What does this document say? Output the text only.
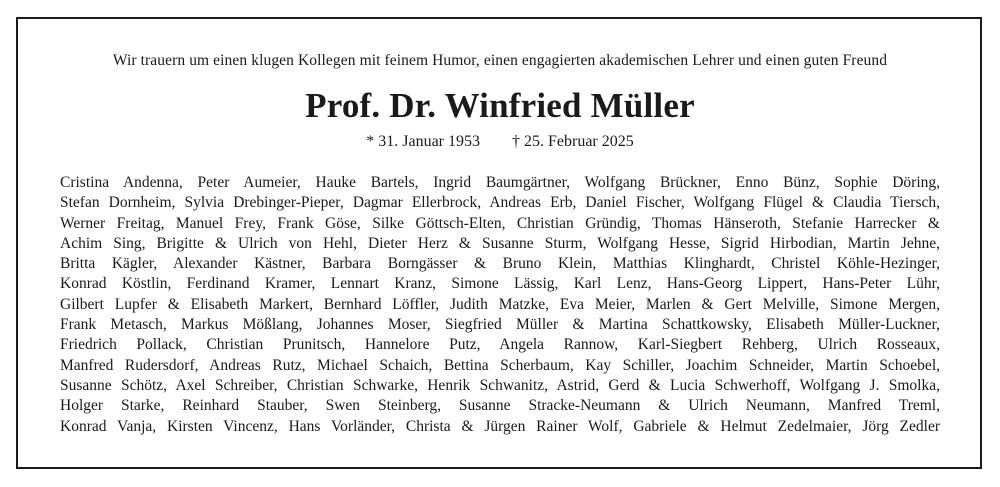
Wir trauern um einen klugen Kollegen mit feinem Humor, einen engagierten akademischen Lehrer und einen guten Freund
Prof. Dr. Winfried Müller
* 31. Januar 1953 † 25. Februar 2025
Cristina Andenna, Peter Aumeier, Hauke Bartels, Ingrid Baumgärtner, Wolfgang Brückner, Enno Bünz, Sophie Döring,
Stefan Dornheim, Sylvia Drebinger-Pieper, Dagmar Ellerbrock, Andreas Erb, Daniel Fischer, Wolfgang Flügel & Claudia Tiersch,
Werner Freitag, Manuel Frey, Frank Göse, Silke Göttsch-Elten, Christian Gründig, Thomas Hänseroth, Stefanie Harrecker &
Achim Sing, Brigitte & Ulrich von Hehl, Dieter Herz & Susanne Sturm, Wolfgang Hesse, Sigrid Hirbodian, Martin Jehne,
Britta Kägler, Alexander Kästner, Barbara Borngässer & Bruno Klein, Matthias Klinghardt, Christel Köhle-Hezinger,
Konrad Köstlin, Ferdinand Kramer, Lennart Kranz, Simone Lässig, Karl Lenz, Hans-Georg Lippert, Hans-Peter Lühr,
Gilbert Lupfer & Elisabeth Markert, Bernhard Löffler, Judith Matzke, Eva Meier, Marlen & Gert Melville, Simone Mergen,
Frank Metasch, Markus Mößlang, Johannes Moser, Siegfried Müller & Martina Schattkowsky, Elisabeth Müller-Luckner,
Friedrich Pollack, Christian Prunitsch, Hannelore Putz, Angela Rannow, Karl-Siegbert Rehberg, Ulrich Rosseaux,
Manfred Rudersdorf, Andreas Rutz, Michael Schaich, Bettina Scherbaum, Kay Schiller, Joachim Schneider, Martin Schoebel,
Susanne Schötz, Axel Schreiber, Christian Schwarke, Henrik Schwanitz, Astrid, Gerd & Lucia Schwerhoff, Wolfgang J. Smolka,
Holger Starke, Reinhard Stauber, Swen Steinberg, Susanne Stracke-Neumann & Ulrich Neumann, Manfred Treml,
Konrad Vanja, Kirsten Vincenz, Hans Vorländer, Christa & Jürgen Rainer Wolf, Gabriele & Helmut Zedelmaier, Jörg Zedler
